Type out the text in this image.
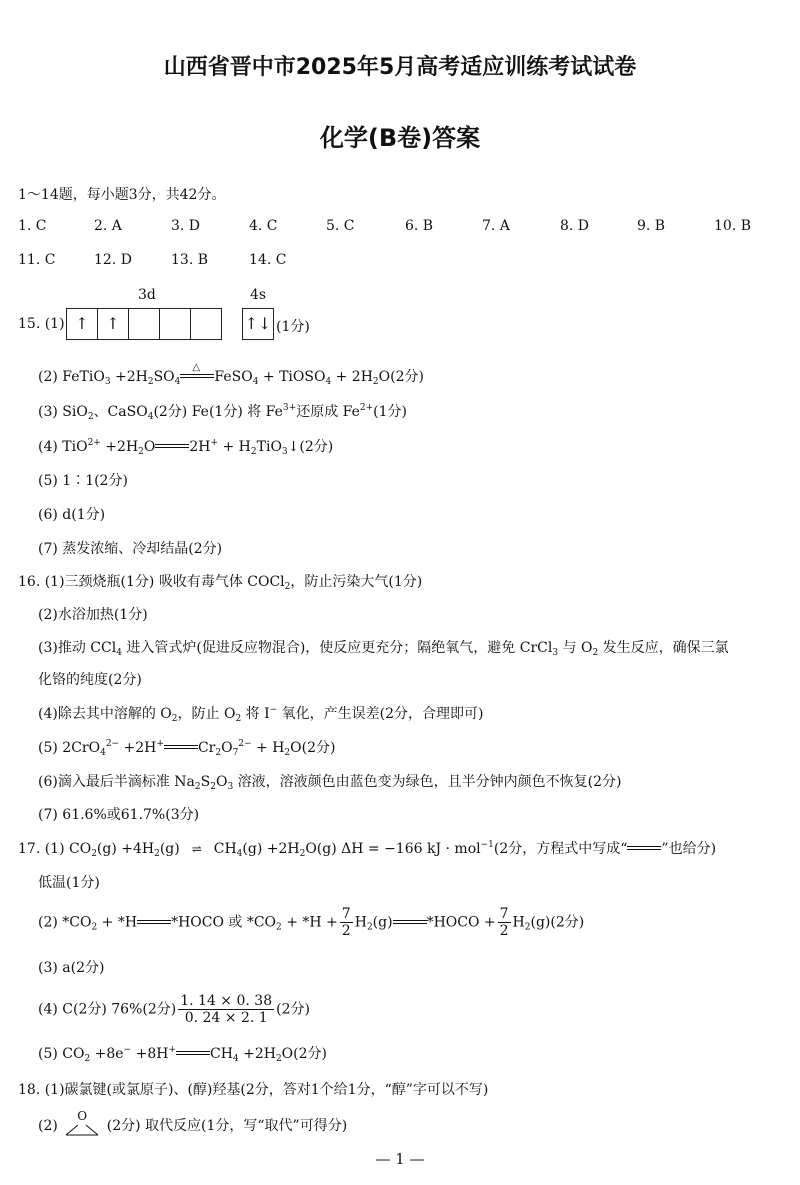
山西省晋中市2025年5月高考适应训练考试试卷
化学(B卷)答案
1～14题，每小题3分，共42分。
1. C	2. A	3. D	4. C	5. C	6. B	7. A	8. D	9. B	10. B
11. C	12. D	13. B	14. C
3d	4s
15. (1) ↑	↑	↑↓ (1分)
(2) FeTiO$_3$ $+2H_2SO_4$
△
FeSO$_4$ + TiOSO$_4$ + $2H_2O(2$分)
(3) SiO$_2$、CaSO$_4$(2分) Fe(1分) 将 $Fe^{3+}$还原成 $Fe^{2+}(1$分)
(4) $TiO^{2+} +2H_2O$ $2H^+ + H_2TiO_3↓(2$分)
(5) 1∶1(2分)
(6) d(1分)
(7) 蒸发浓缩、冷却结晶(2分)
16. (1)三颈烧瓶(1分) 吸收有毒气体 COCl$_2$，防止污染大气(1分)
(2)水浴加热(1分)
(3)推动 CCl$_4$ 进入管式炉(促进反应物混合)，使反应更充分；隔绝氧气，避免 CrCl$_3$ 与 $O_2$ 发生反应，确保三氯
化铬的纯度(2分)
(4)除去其中溶解的 $O_2$，防止 $O_2$ 将 I− 氧化，产生误差(2分，合理即可)
(5) 2CrO$_4^{2-}$ +2H+ $Cr_2O_7^{2-} + H_2O(2$分)
(6)滴入最后半滴标准 $Na_2S_2O_3$ 溶液，溶液颜色由蓝色变为绿色，且半分钟内颜色不恢复(2分)
(7) 61.6%或61.7%(3分)
17. (1) $CO_2(g) +4H_2(g)$ ⇌ $CH_4(g) +2H_2O(g) \Delta H = -166$ kJ · mol$^{-1}$(2分，方程式中写成“ ”也给分)
低温(1分)
(2) $*CO_2 + *H$ *HOCO 或 $*CO_2 + *H + \frac{7}{2} H_2(g)$ *HOCO + $\frac{7}{2} H_2(g)(2$分)
(3) a(2分)
(4) C(2分) 76%(2分) $\frac{1. 14 \times 0. 38}{0. 24 \times 2. 1} (2$分)
(5) $CO_2 +8e^- +8H^+$ $CH_4 +2H_2O(2$分)
18. (1)碳氯键(或氯原子)、(醇)羟基(2分，答对1个给1分，“醇”字可以不写)
(2)
O
(2分) 取代反应(1分，写“取代”可得分)
— 1 —
